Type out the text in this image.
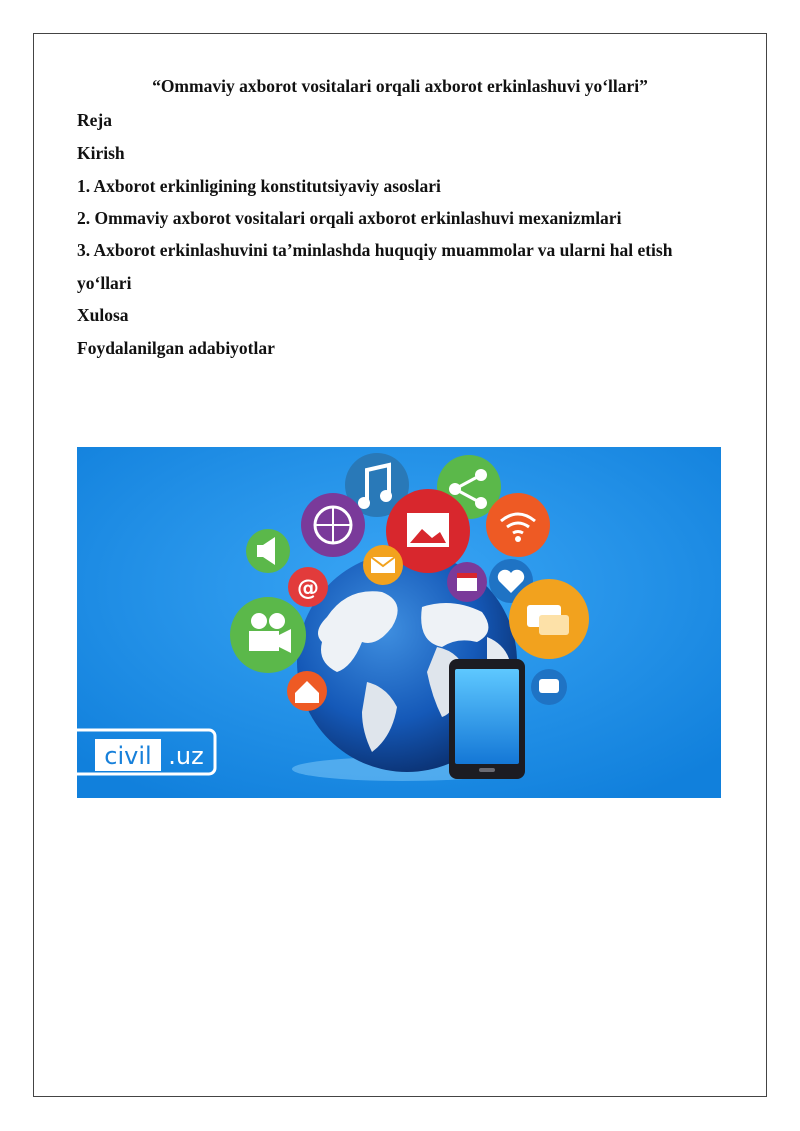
“Ommaviy axborot vositalari orqali axborot erkinlashuvi yo‘llari”
Reja
Kirish
1. Axborot erkinligining konstitutsiyaviy asoslari
2. Ommaviy axborot vositalari orqali axborot erkinlashuvi mexanizmlari
3. Axborot erkinlashuvini ta’minlashda huquqiy muammolar va ularni hal etish
yo‘llari
Xulosa
Foydalanilgan adabiyotlar
@
civil .uz
